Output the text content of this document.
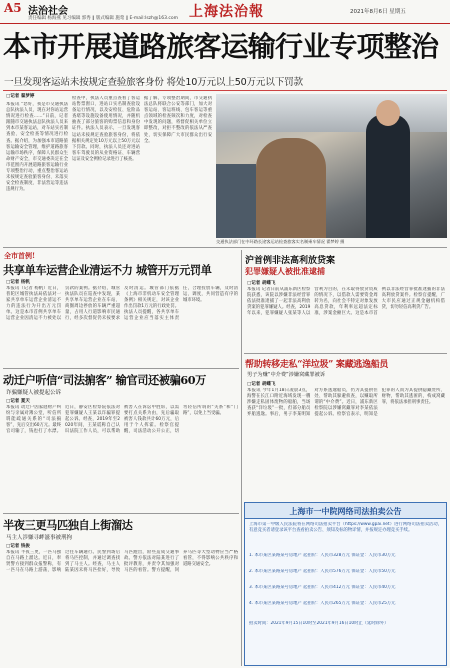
A5 法治社会
责任编辑 杨海燕 见习编辑 郭秀 ‖ 版式编辑 施莺 ‖ E-mail:lszh@163.com 上海法治報	2021年8月6日 星期五
本市开展道路旅客运输行业专项整治
一旦发现客运站未按规定查验旅客身份 将处10万元以上50万元以下罚款
□记者 翟梦婷
本报讯 “您好，我是市交通执法总队执法人员，现在对你站运营情况进行检查……”日前，记者跟随市交通执法总队执法人员来到本市某客运站，对车站实名制查验、安全检查等情况进行检查。据介绍，为加强本市道路旅客运输安全管理，维护道路旅客运输市场秩序，保障人民群众生命财产安全，市交通委决定在全市范围内开展道路旅客运输行业专项整治行动，重点整治客运站未按规定查验旅客身份、未落实安全检查制度、非法营运等违法违规行为。
检查中，执法人员重点查看了客运站售票窗口、进站口实名制查验设备运行情况，以及安检仪、危险品查堵等设施设备使用情况，并随机抽查了部分旅客的购票信息和身份证件。执法人员表示，一旦发现客运站未按规定查验旅客身份，将依据相关规定处10万元以上50万元以下罚款。同时，执法人员还对进站客车驾驶员的从业资格证、车辆营运证及安全例检记录进行了核查。
据了解，专项整治期间，市交通执法总队将联合公安等部门，加大对客运站、客运班线、包车客运等重点领域的检查频次和力度，对检查中发现的问题，将督促相关单位立即整改，对拒不整改的依法从严查处，切实保障广大市民群众出行安全。
交通执法部门在中环路长途客运站检查旅客实名制乘车情况 翟梦婷 摄
全市首例!
共享单车运营企业清运不力 城管开万元罚单
□记者 杨帆
本报讯（记者 杨帆）近日，普陀区城管执法局依法对一家共享单车运营企业清运不力的违法行为开出万元罚单。这是本市首例共享单车运营企业因清运不力被处以罚款的案例。据介绍，城管执法队员在巡查中发现，某共享单车运营企业在车站、商圈周边停放的车辆严重超量，占用人行道影响市民通行，经多次督促仍未按要求及时清运。城管部门依据《上海市非机动车安全管理条例》相关规定，对该企业作出罚款1万元的行政处罚。执法人员提醒，各共享单车运营企业应当落实主体责任，合理投放车辆，及时清运、调度，共同营造有序的城市环境。
动迁户听信“司法掮客” 输官司还被骗60万
诈骗嫌疑人被提起公诉
□记者 夏天
本报讯 动迁户因家庭财产纠纷与亲属对簿公堂，听信所谓能疏通关系的“司法掮客”，先后交出60万元。最终官司输了，钱也打了水漂。近日，静安区检察院依法对犯罪嫌疑人王某以诈骗罪提起公诉。经查，2019年至2020年间，王某谎称自己认识法院工作人员，可以帮助被害人在诉讼中胜诉，以需要打点关系为由，先后骗取被害人钱款共计60万元，后用于个人挥霍。检察官提醒，司法活动公开公正，切勿轻信所谓的“关系”和“门路”，以免上当受骗。
半夜三更马匹独自上街溜达
马主人涉嫌寻衅滋事被刑拘
□记者 钱俊
本报讯 半夜三更，一匹马独自在马路上溜达。近日，奉贤警方接到群众报警称，有一匹马在马路上游荡，影响过往车辆通行。民警到场后将马匹控制，并通过调查找到了马主人。经查，马主人陆某因未将马匹拴好，导致马匹跑出，险些造成交通事故。警方依法对陆某进行了批评教育，并责令其加强对马匹的看管。警方提醒，饲养马匹等大型动物应当严格看管，不得影响公共秩序和道路交通安全。
沪首例非法高利放贷案
犯罪嫌疑人被批准逮捕
□记者 胡蝶飞
本报讯 记者日前从浦东新区检察院获悉，该院以涉嫌非法经营罪依法批准逮捕了一起非法高利放贷案的犯罪嫌疑人。经查，2019年以来，犯罪嫌疑人张某等人以营利为目的，在未取得放贷资质的情况下，以借款人需要资金周转为名，向社会不特定对象发放高息贷款，年利率远超法定标准，涉案金额巨大。这是本市首例以非法经营罪批准逮捕的非法高利放贷案件。检察官提醒，广大市民应通过正规金融机构借贷，切勿轻信高利贷广告。
帮助转移走私“洋垃圾” 案藏逃逸船员
男子为赚“中介费”涉嫌窝藏罪被诉
□记者 胡蝶飞
本报讯 今年1月18日凌晨3点，海警在长江口附近海域发现一艘涉嫌走私固体废物的船舶，当场查获“洋垃圾”一批，但部分船员弃船逃逸。事后，男子李某明知对方系逃逸船员，仍为其提供住处、帮助其躲避侦查，以赚取所谓的“中介费”。近日，浦东新区检察院以涉嫌窝藏罪对李某依法提起公诉。检察官表示，明知是犯罪的人而为其提供隐藏处所、财物，帮助其逃匿的，构成窝藏罪，将依法承担刑事责任。
上海市一中院网络司法拍卖公告
上海市第一中级人民法院将在网络司法拍卖平台（https://www.gpai.net）进行网络司法拍卖活动，有意竞买者请登录该平台查看拍卖公告、须知及标的物详情，并按规定办理竞买手续。
1. 本市某区某路某号房地产 起拍价：人民币328万元 保证金：人民币30万元
2. 本市某区某路某号房地产 起拍价：人民币576万元 保证金：人民币50万元
3. 本市某区某路某号房地产 起拍价：人民币412万元 保证金：人民币40万元
4. 本市某区某路某号房地产 起拍价：人民币265万元 保证金：人民币25万元
拍卖时间：2021年9月15日10时至2021年9月16日10时止（延时除外）
